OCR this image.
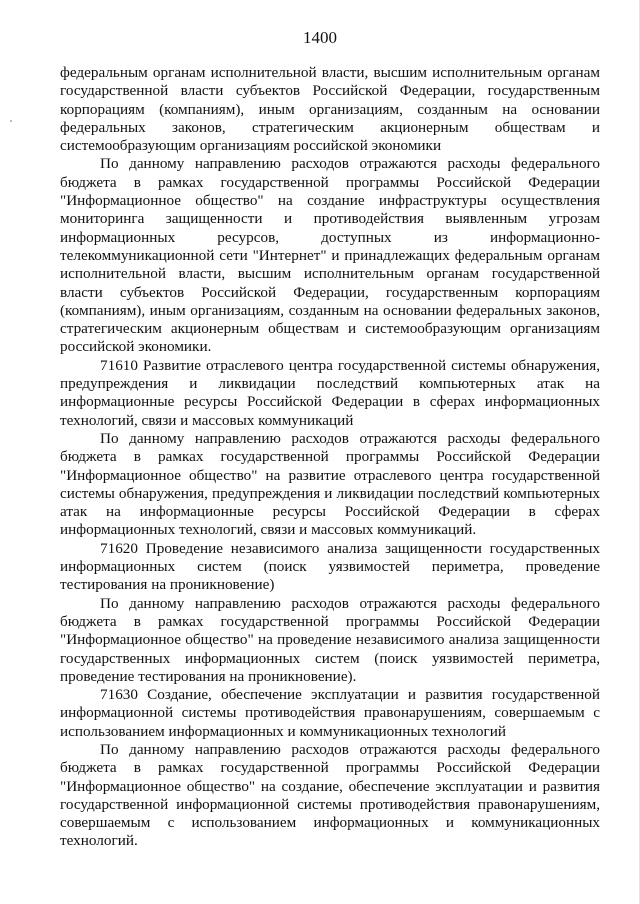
1400

федеральным органам исполнительной власти, высшим исполнительным органам государственной власти субъектов Российской Федерации, государственным корпорациям (компаниям), иным организациям, созданным на основании федеральных законов, стратегическим акционерным обществам и системообразующим организациям российской экономики

По данному направлению расходов отражаются расходы федерального бюджета в рамках государственной программы Российской Федерации "Информационное общество" на создание инфраструктуры осуществления мониторинга защищенности и противодействия выявленным угрозам информационных ресурсов, доступных из информационно-телекоммуникационной сети "Интернет" и принадлежащих федеральным органам исполнительной власти, высшим исполнительным органам государственной власти субъектов Российской Федерации, государственным корпорациям (компаниям), иным организациям, созданным на основании федеральных законов, стратегическим акционерным обществам и системообразующим организациям российской экономики.

71610 Развитие отраслевого центра государственной системы обнаружения, предупреждения и ликвидации последствий компьютерных атак на информационные ресурсы Российской Федерации в сферах информационных технологий, связи и массовых коммуникаций

По данному направлению расходов отражаются расходы федерального бюджета в рамках государственной программы Российской Федерации "Информационное общество" на развитие отраслевого центра государственной системы обнаружения, предупреждения и ликвидации последствий компьютерных атак на информационные ресурсы Российской Федерации в сферах информационных технологий, связи и массовых коммуникаций.

71620 Проведение независимого анализа защищенности государственных информационных систем (поиск уязвимостей периметра, проведение тестирования на проникновение)

По данному направлению расходов отражаются расходы федерального бюджета в рамках государственной программы Российской Федерации "Информационное общество" на проведение независимого анализа защищенности государственных информационных систем (поиск уязвимостей периметра, проведение тестирования на проникновение).

71630 Создание, обеспечение эксплуатации и развития государственной информационной системы противодействия правонарушениям, совершаемым с использованием информационных и коммуникационных технологий

По данному направлению расходов отражаются расходы федерального бюджета в рамках государственной программы Российской Федерации "Информационное общество" на создание, обеспечение эксплуатации и развития государственной информационной системы противодействия правонарушениям, совершаемым с использованием информационных и коммуникационных технологий.
